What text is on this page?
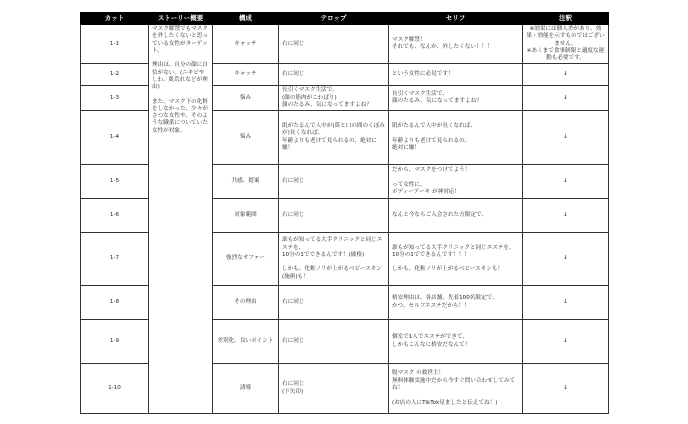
カット	ストーリー概要	構成	テロップ	セリフ	注釈
1-1	マスク解禁でもマスクを外したくないと思っている女性がターゲット。

理由は、自分の顔に自信がない。(ニキビやしわ、肌荒れなどが理由)

また、マスク下の化粧をしなかった、少々がさつな女性や、そのような職業についていた女性が対象。	キャッチ	右に同じ	マスク解禁！
それでも、なんか、外したくない！！！	※効果には個人差があり、効果・効能を示すものではございません。
※あくまで食事制限と適度な運動も必要です。
1-2		キャッチ	右に同じ	という女性に必見です！	↓
1-3		悩み	長引くマスク生活で、
(顔の筋肉がこわばり)
顔のたるみ、気になってますよね？	長引くマスク生活で、
顔のたるみ、気になってますよね？	↓
1-4		悩み	肌がたるんで人中が(鼻と口の間のくぼみが)長くなれば、
年齢よりも老けて見られるの、絶対に嫌！	肌がたるんで人中が長くなれば、

年齢よりも老けて見られるの、
絶対に嫌！	↓
1-5		共感、提案	右に同じ	だから、マスクをつけてよう！

って女性に、
ボディーアーキ が神対応！	↓
1-6		対象範囲	右に同じ	なんと今ならご入会された方限定で、	↓
1-7		強烈なオファー	誰もが知ってる大手クリニックと同じエステを、
10分の1でできるんです！(破格)

しかも、化粧ノリが上がるベビースキン(施術)も！	誰もが知ってる大手クリニックと同じエステを、
10分の1でできるんです！！！

しかも、化粧ノリが上がるベビースキンも！	↓
1-8		その理由	右に同じ	格安理由は、各店舗、先着100名限定で、
かつ、セルフエステだから！！	↓
1-9		差別化、良いポイント	右に同じ	個室で1人でエステができて、
しかもこんなに格安だなんて！	↓
1-10		誘導	右に同じ
(下矢印)	脱マスク の救世主！
無料体験実施中だから今すぐ問い合わせしてみてね！

(お店の人にTikTok見ましたと伝えてね！)	↓
